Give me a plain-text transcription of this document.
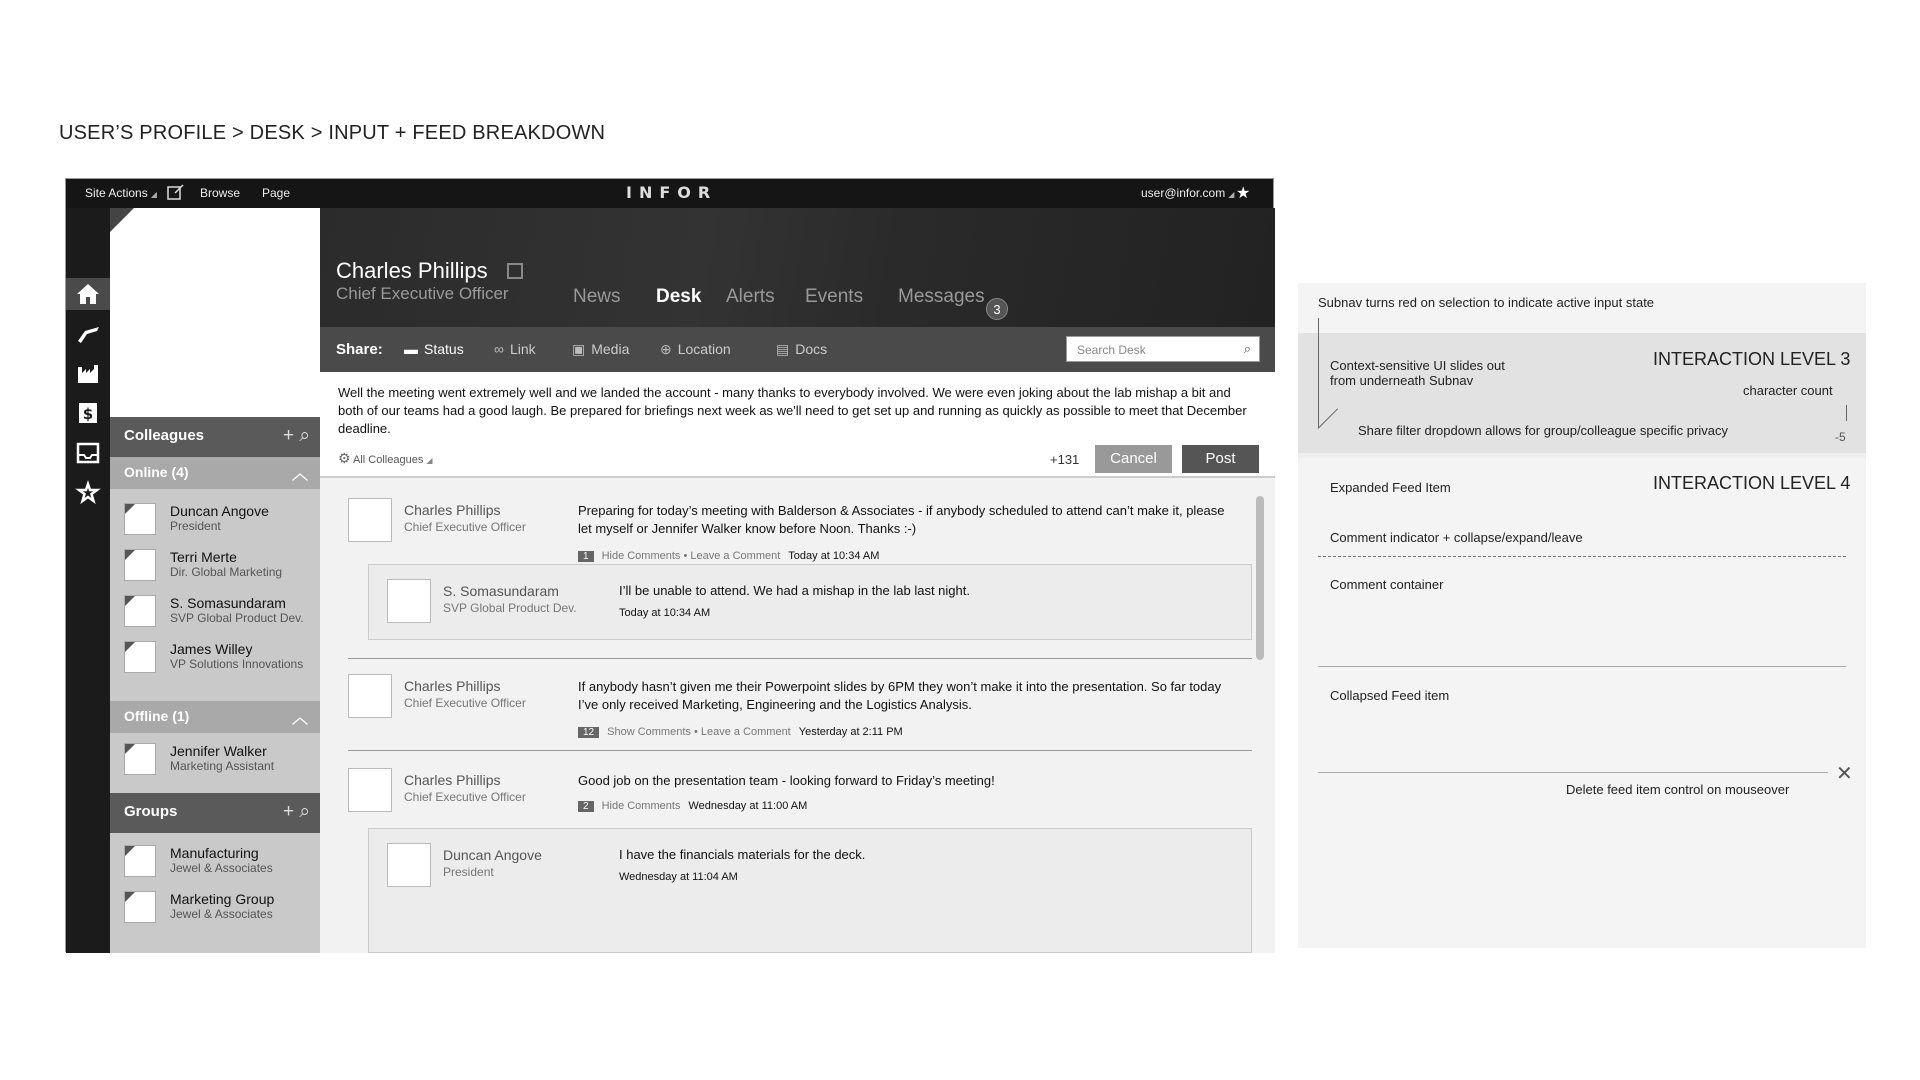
USER’S PROFILE > DESK > INPUT + FEED BREAKDOWN
Site Actions ◢	Browse Page	INFOR	user@infor.com ◢ ★
$
Charles Phillips
Chief Executive Officer	News Desk Alerts Events Messages
3
Show apps
Share: ▬ Status ∞ Link	▣ Media ⊕ Location	▤ Docs	Search Desk	⌕
Well the meeting went extremely well and we landed the account - many thanks to everybody involved. We were even joking about the lab mishap a bit and both of our teams had a good laugh. Be prepared for briefings next week as we'll need to get set up and running as quickly as possible to meet that December deadline.
⚙ All Colleagues ◢	+131	Cancel	Post
Colleagues	+ ⌕
Online (4)	︿
Duncan Angove
President
Terri Merte
Dir. Global Marketing
S. Somasundaram
SVP Global Product Dev.
James Willey
VP Solutions Innovations
Offline (1)	︿
Jennifer Walker
Marketing Assistant
Groups	+ ⌕
Manufacturing
Jewel & Associates
Marketing Group
Jewel & Associates
Charles Phillips
Chief Executive Officer
Preparing for today’s meeting with Balderson & Associates - if anybody scheduled to attend can’t make it, please let myself or Jennifer Walker know before Noon. Thanks :-)
1 Hide Comments • Leave a Comment Today at 10:34 AM
S. Somasundaram
SVP Global Product Dev.
I’ll be unable to attend. We had a mishap in the lab last night.
Today at 10:34 AM
Charles Phillips
Chief Executive Officer
If anybody hasn’t given me their Powerpoint slides by 6PM they won’t make it into the presentation. So far today I’ve only received Marketing, Engineering and the Logistics Analysis.
12 Show Comments • Leave a Comment Yesterday at 2:11 PM
Charles Phillips
Chief Executive Officer
Good job on the presentation team - looking forward to Friday’s meeting!
2 Hide Comments Wednesday at 11:00 AM
Duncan Angove
President
I have the financials materials for the deck.
Wednesday at 11:04 AM
Subnav turns red on selection to indicate active input state
Context-sensitive UI slides out from underneath Subnav
INTERACTION LEVEL 3
character count
Share filter dropdown allows for group/colleague specific privacy	-5
Expanded Feed Item	INTERACTION LEVEL 4
Comment indicator + collapse/expand/leave
Comment container
Collapsed Feed item
✕
Delete feed item control on mouseover
